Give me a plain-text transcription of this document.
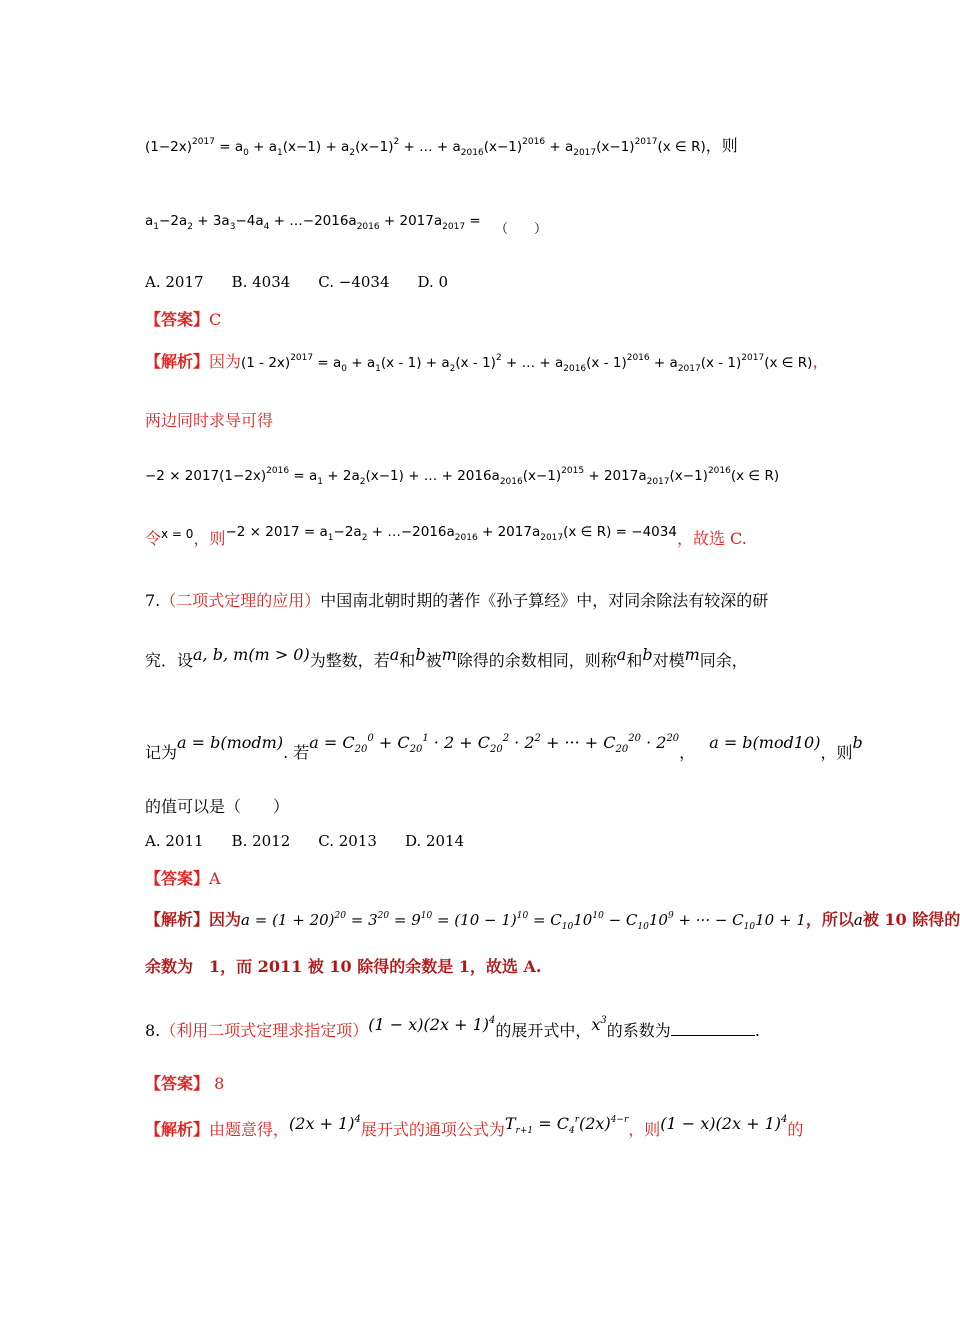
$(1-2x)^{2017} = a_0 + a_1(x-1) + a_2(x-1)^2$ + … + $a_{2016}(x-1)^{2016} + a_{2017}(x-1)^{2017}(x$ ∈ R)，则
$a_1-2a_2 + 3a_3-4a_4$ + $\dots-2016a_{2016} + 2017a_{2017}$ = （　　）
A. 2017 B. 4034 C. −4034 D. 0
【答案】C
【解析】因为$(1 - 2x)^{2017} = a_0 + a_1(x - 1) + a_2(x - 1)^2$ + … + $a_{2016}(x - 1)^{2016} + a_{2017}(x - 1)^{2017}(x$ ∈ R)，
两边同时求导可得
$-2 \times 2017(1-2x)^{2016} = a_1 + 2a_2(x-1)$ + … + $2016a_{2016}(x-1)^{2015} + 2017a_{2017}(x-1)^{2016}(x$ ∈ R)
令$^{x = 0}$，则$^{-2 \times 2017 = a_1-2a_2 + \dots-2016a_{2016} + 2017a_{2017}(x \in R) = -4034}$，故选 C.
7.（二项式定理的应用）中国南北朝时期的著作《孙子算经》中，对同余除法有较深的研
究．设a, b, m(m > 0)为整数，若a和b被m除得的余数相同，则称a和b对模m同余，
记为a = b(modm). 若$a = C_{20}^0 + C_{20}^1 \cdot 2 + C_{20}^2 \cdot 2^2$ + ··· + $C_{20}^{20} \cdot 2^{20}$，a = b(mod10)，则b
的值可以是（　　）
A. 2011 B. 2012 C. 2013 D. 2014
【答案】A
【解析】因为$a = (1 + 20)^{20} = 3^{20} = 9^{10} = (10 - 1)^{10} = C_{10}10^{10} - C_{10}10^9$ + ··· − $C_{10}10 + 1$，所以a被 10 除得的
余数为　1，而 2011 被 10 除得的余数是 1，故选 A.
8.（利用二项式定理求指定项）$(1 - x)(2x + 1)^4$的展开式中，$x^3$的系数为	.
【答案】 8
【解析】由题意得，$(2x + 1)^4$展开式的通项公式为$T_{r+1} = C_4^r(2x)^{4-r}$，则$(1 - x)(2x + 1)^4$的
